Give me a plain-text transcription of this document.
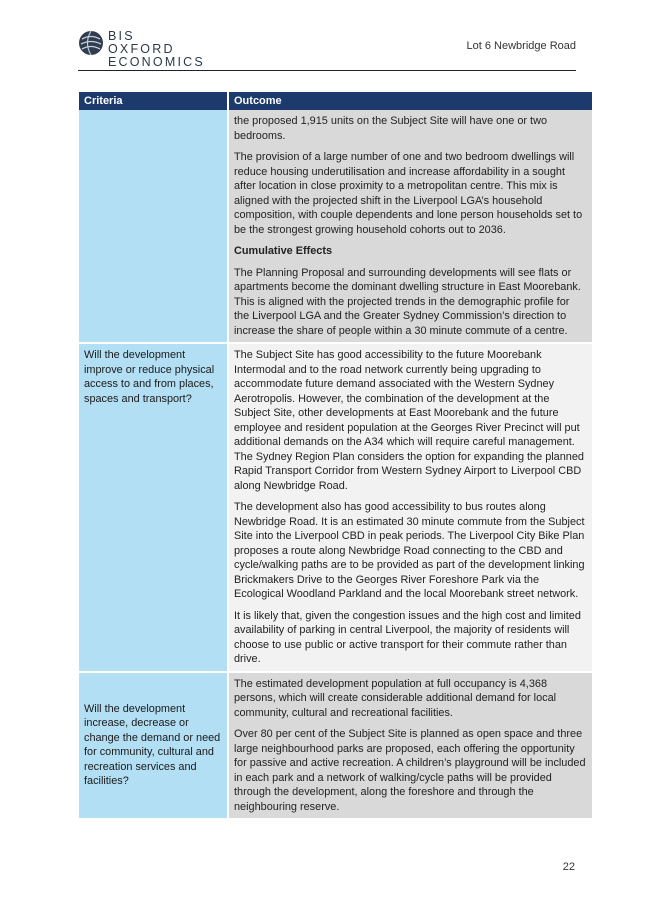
BIS OXFORD
ECONOMICS
Lot 6 Newbridge Road
Criteria	Outcome

	the proposed 1,915 units on the Subject Site will have one or two bedrooms.

The provision of a large number of one and two bedroom dwellings will reduce housing underutilisation and increase affordability in a sought after location in close proximity to a metropolitan centre. This mix is aligned with the projected shift in the Liverpool LGA’s household composition, with couple dependents and lone person households set to be the strongest growing household cohorts out to 2036.

Cumulative Effects

The Planning Proposal and surrounding developments will see flats or apartments become the dominant dwelling structure in East Moorebank. This is aligned with the projected trends in the demographic profile for the Liverpool LGA and the Greater Sydney Commission’s direction to increase the share of people within a 30 minute commute of a centre.

Will the development improve or reduce physical access to and from places, spaces and transport?	The Subject Site has good accessibility to the future Moorebank Intermodal and to the road network currently being upgrading to accommodate future demand associated with the Western Sydney Aerotropolis. However, the combination of the development at the Subject Site, other developments at East Moorebank and the future employee and resident population at the Georges River Precinct will put additional demands on the A34 which will require careful management. The Sydney Region Plan considers the option for expanding the planned Rapid Transport Corridor from Western Sydney Airport to Liverpool CBD along Newbridge Road.

The development also has good accessibility to bus routes along Newbridge Road. It is an estimated 30 minute commute from the Subject Site into the Liverpool CBD in peak periods. The Liverpool City Bike Plan proposes a route along Newbridge Road connecting to the CBD and cycle/walking paths are to be provided as part of the development linking Brickmakers Drive to the Georges River Foreshore Park via the Ecological Woodland Parkland and the local Moorebank street network.

It is likely that, given the congestion issues and the high cost and limited availability of parking in central Liverpool, the majority of residents will choose to use public or active transport for their commute rather than drive.

Will the development increase, decrease or change the demand or need for community, cultural and recreation services and facilities?	The estimated development population at full occupancy is 4,368 persons, which will create considerable additional demand for local community, cultural and recreational facilities.

Over 80 per cent of the Subject Site is planned as open space and three large neighbourhood parks are proposed, each offering the opportunity for passive and active recreation. A children’s playground will be included in each park and a network of walking/cycle paths will be provided through the development, along the foreshore and through the neighbouring reserve.

22
